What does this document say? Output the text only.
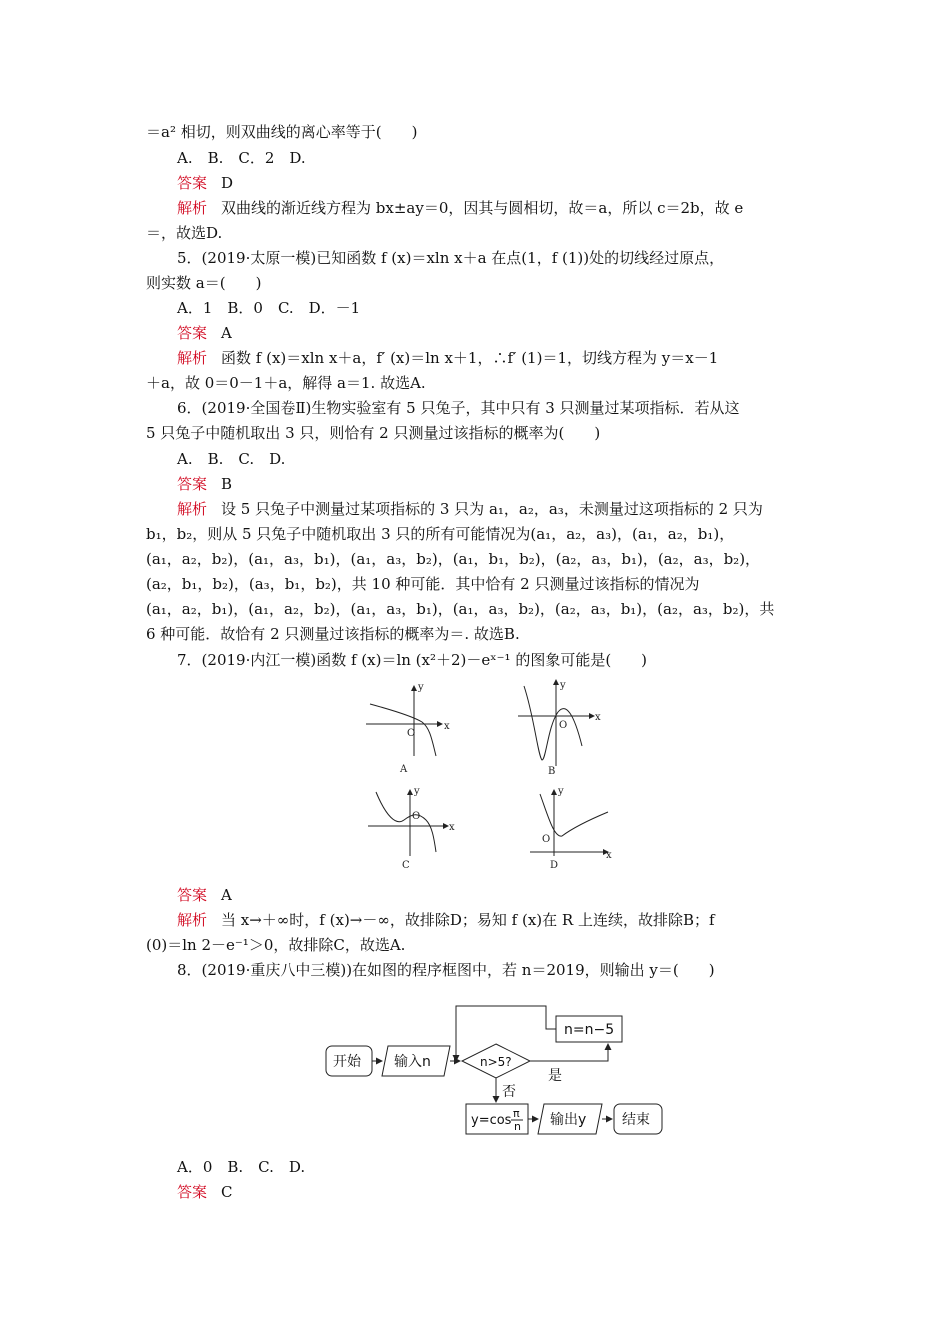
＝a² 相切，则双曲线的离心率等于(　　)
A.　B.　C．2　D.
答案 D
解析 双曲线的渐近线方程为 bx±ay＝0，因其与圆相切，故＝a，所以 c＝2b，故 e
＝，故选D.
5．(2019·太原一模)已知函数 f (x)＝xln x＋a 在点(1，f (1))处的切线经过原点，
则实数 a＝(　　)
A．1　B．0　C.　D．－1
答案 A
解析 函数 f (x)＝xln x＋a，f′ (x)＝ln x＋1，∴f′ (1)＝1，切线方程为 y＝x－1
＋a，故 0＝0－1＋a，解得 a＝1. 故选A.
6．(2019·全国卷Ⅱ)生物实验室有 5 只兔子，其中只有 3 只测量过某项指标．若从这
5 只兔子中随机取出 3 只，则恰有 2 只测量过该指标的概率为(　　)
A.　B.　C.　D.
答案 B
解析 设 5 只兔子中测量过某项指标的 3 只为 a₁，a₂，a₃，未测量过这项指标的 2 只为
b₁，b₂，则从 5 只兔子中随机取出 3 只的所有可能情况为(a₁，a₂，a₃)，(a₁，a₂，b₁)，
(a₁，a₂，b₂)，(a₁，a₃，b₁)，(a₁，a₃，b₂)，(a₁，b₁，b₂)，(a₂，a₃，b₁)，(a₂，a₃，b₂)，
(a₂，b₁，b₂)，(a₃，b₁，b₂)，共 10 种可能．其中恰有 2 只测量过该指标的情况为
(a₁，a₂，b₁)，(a₁，a₂，b₂)，(a₁，a₃，b₁)，(a₁，a₃，b₂)，(a₂，a₃，b₁)，(a₂，a₃，b₂)，共
6 种可能．故恰有 2 只测量过该指标的概率为＝. 故选B.
7．(2019·内江一模)函数 f (x)＝ln (x²＋2)－eˣ⁻¹ 的图象可能是(　　)
y
x
O
A
y
x
O
B
y
x
O
C
y
x
O
D
答案 A
解析 当 x→＋∞时，f (x)→－∞，故排除D；易知 f (x)在 R 上连续，故排除B；f
(0)＝ln 2－e⁻¹＞0，故排除C，故选A.
8．(2019·重庆八中三模))在如图的程序框图中，若 n＝2019，则输出 y＝(　　)
开始 输入n	n>5?
是
n=n−5
否
y=cos π
n 输出y	结束
A．0　B.　C.　D.
答案 C
